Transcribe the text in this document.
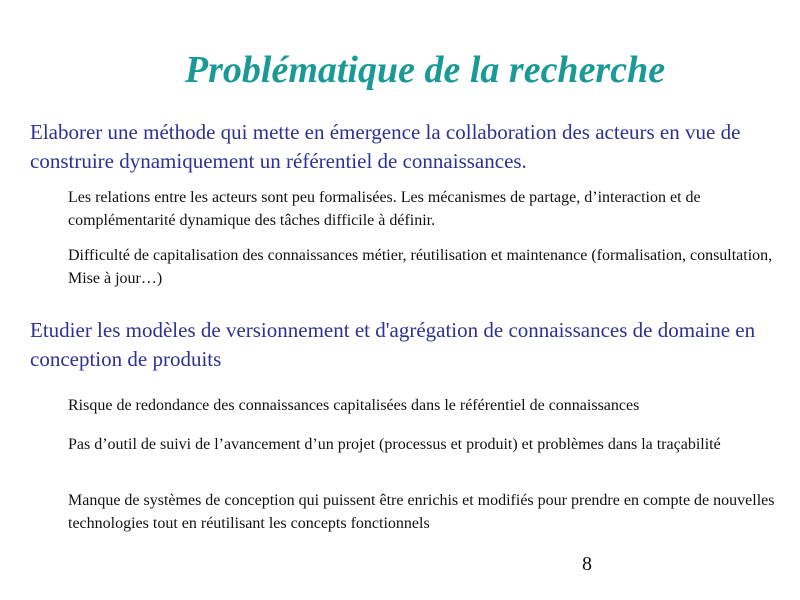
Problématique de la recherche
Elaborer une méthode qui mette en émergence la collaboration des acteurs en vue de construire dynamiquement un référentiel de connaissances.
Les relations entre les acteurs sont peu formalisées. Les mécanismes de partage, d’interaction et de complémentarité dynamique des tâches difficile à définir.
Difficulté de capitalisation des connaissances métier, réutilisation et maintenance (formalisation, consultation, Mise à jour…)
Etudier les modèles de versionnement et d'agrégation de connaissances de domaine en conception de produits
Risque de redondance des connaissances capitalisées dans le référentiel de connaissances
Pas d’outil de suivi de l’avancement d’un projet (processus et produit) et problèmes dans la traçabilité
Manque de systèmes de conception qui puissent être enrichis et modifiés pour prendre en compte de nouvelles technologies tout en réutilisant les concepts fonctionnels
8
